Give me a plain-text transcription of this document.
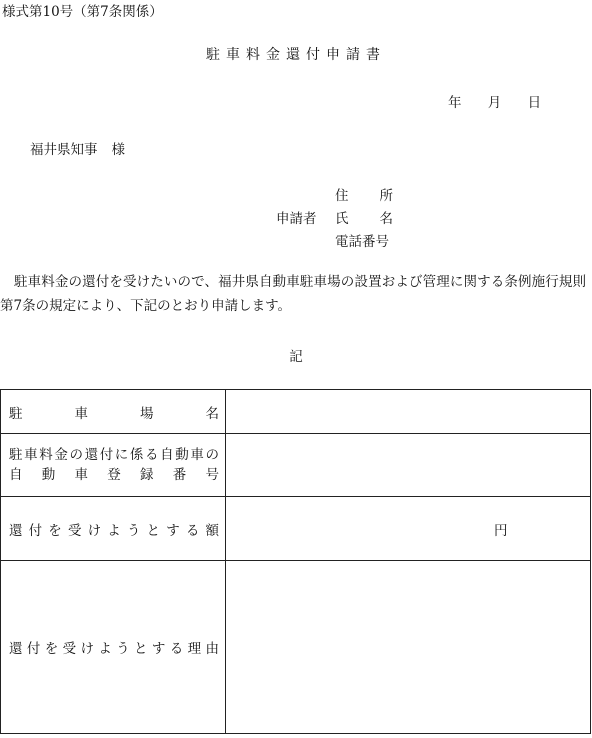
様式第10号（第7条関係）
駐車料金還付申請書
年 月 日
福井県知事 様
申請者
住所
氏名
電話番号
駐車料金の還付を受けたいので、福井県自動車駐車場の設置および管理に関する条例施行規則第7条の規定により、下記のとおり申請します。
記
駐車場名	

駐車料金の還付に係る自動車の
自動車登録番号	

還付を受けようとする額	円

還付を受けようとする理由	
